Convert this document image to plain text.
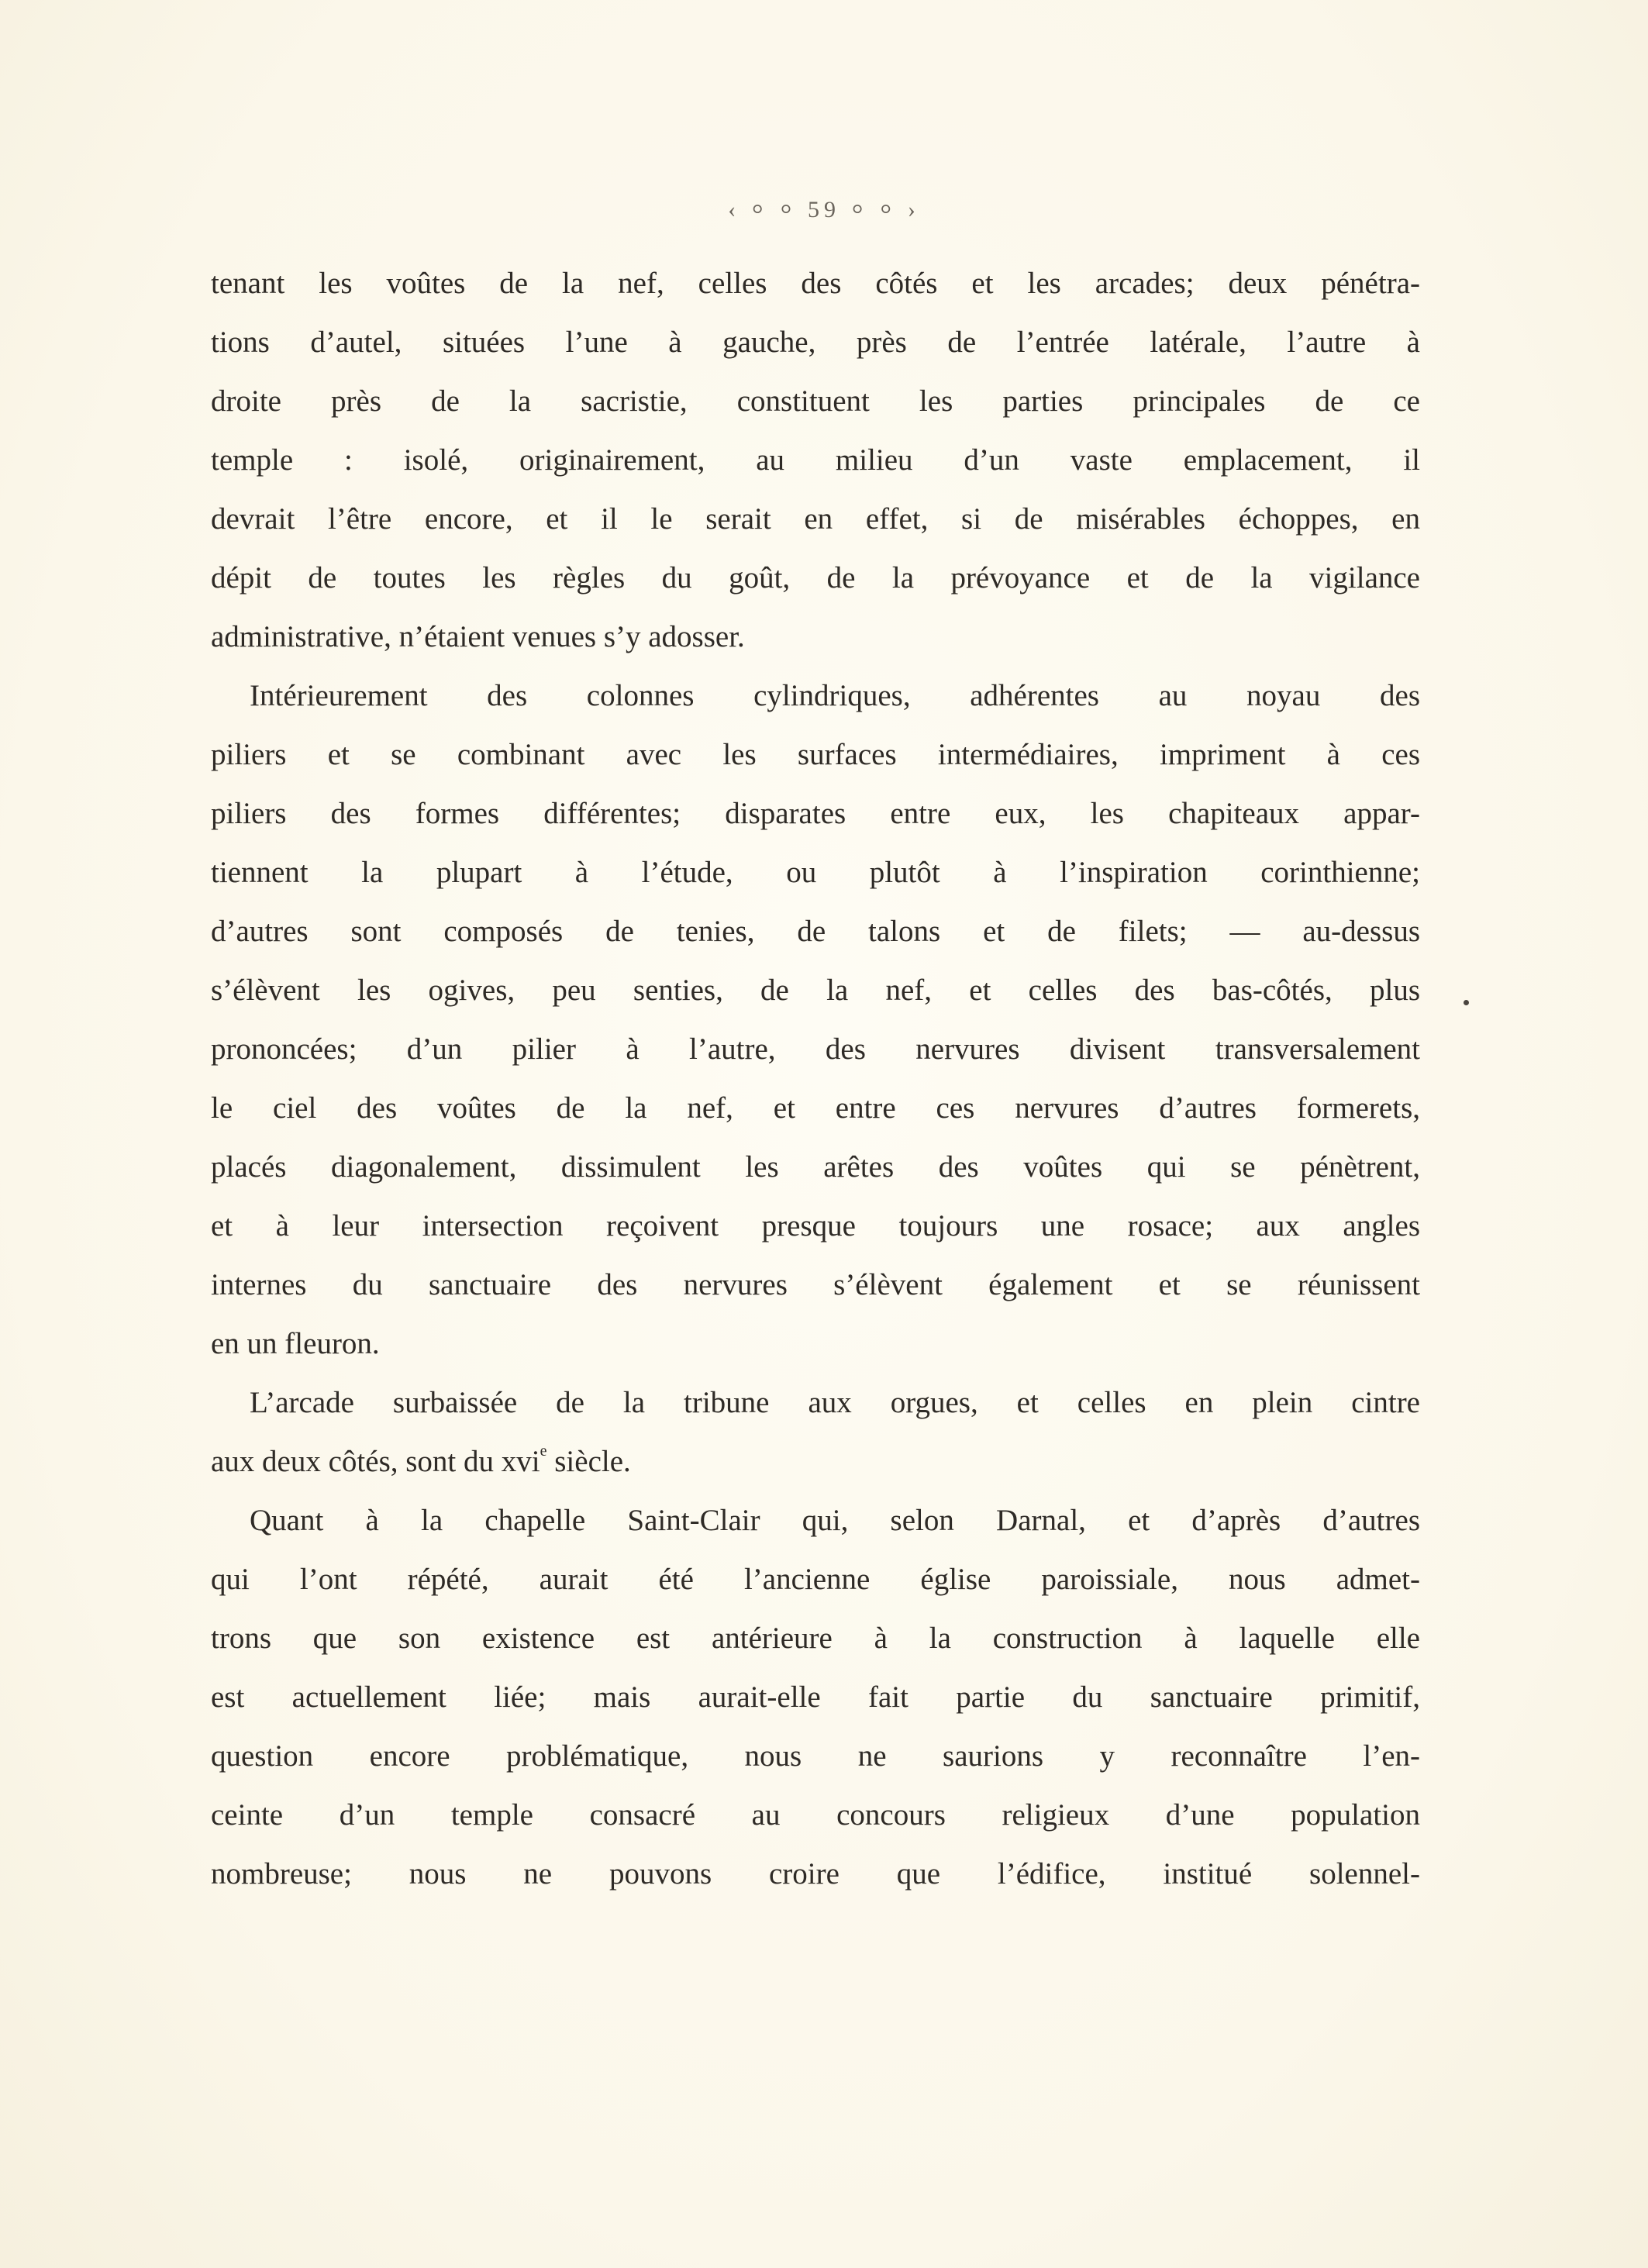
‹ ⸰ ⸰ 59 ⸰ ⸰ ›
tenant les voûtes de la nef, celles des côtés et les arcades; deux pénétra-
tions d’autel, situées l’une à gauche, près de l’entrée latérale, l’autre à
droite près de la sacristie, constituent les parties principales de ce
temple : isolé, originairement, au milieu d’un vaste emplacement, il
devrait l’être encore, et il le serait en effet, si de misérables échoppes, en
dépit de toutes les règles du goût, de la prévoyance et de la vigilance
administrative, n’étaient venues s’y adosser.
Intérieurement des colonnes cylindriques, adhérentes au noyau des
piliers et se combinant avec les surfaces intermédiaires, impriment à ces
piliers des formes différentes; disparates entre eux, les chapiteaux appar-
tiennent la plupart à l’étude, ou plutôt à l’inspiration corinthienne;
d’autres sont composés de tenies, de talons et de filets; — au-dessus
s’élèvent les ogives, peu senties, de la nef, et celles des bas-côtés, plus
prononcées; d’un pilier à l’autre, des nervures divisent transversalement
le ciel des voûtes de la nef, et entre ces nervures d’autres formerets,
placés diagonalement, dissimulent les arêtes des voûtes qui se pénètrent,
et à leur intersection reçoivent presque toujours une rosace; aux angles
internes du sanctuaire des nervures s’élèvent également et se réunissent
en un fleuron.
L’arcade surbaissée de la tribune aux orgues, et celles en plein cintre
aux deux côtés, sont du xvi$^e$ siècle.
Quant à la chapelle Saint-Clair qui, selon Darnal, et d’après d’autres
qui l’ont répété, aurait été l’ancienne église paroissiale, nous admet-
trons que son existence est antérieure à la construction à laquelle elle
est actuellement liée; mais aurait-elle fait partie du sanctuaire primitif,
question encore problématique, nous ne saurions y reconnaître l’en-
ceinte d’un temple consacré au concours religieux d’une population
nombreuse; nous ne pouvons croire que l’édifice, institué solennel-
